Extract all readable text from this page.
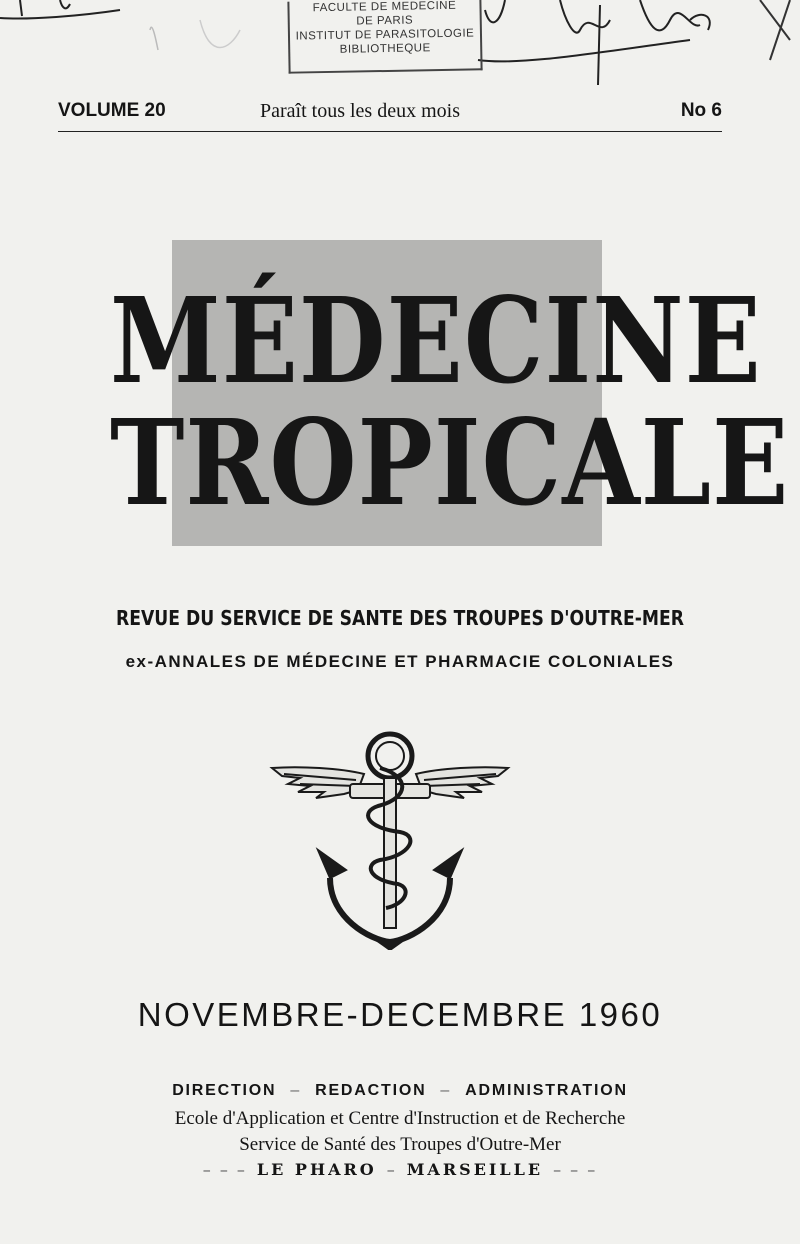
FACULTE DE MEDECINE
DE PARIS
INSTITUT DE PARASITOLOGIE
BIBLIOTHEQUE
VOLUME 20	Paraît tous les deux mois	No 6
MÉDECINE
TROPICALE
REVUE DU SERVICE DE SANTE DES TROUPES D'OUTRE-MER
ex-ANNALES DE MÉDECINE ET PHARMACIE COLONIALES
NOVEMBRE-DECEMBRE 1960
DIRECTION – REDACTION – ADMINISTRATION
Ecole d'Application et Centre d'Instruction et de Recherche
Service de Santé des Troupes d'Outre-Mer
– – – LE PHARO – MARSEILLE – – –
